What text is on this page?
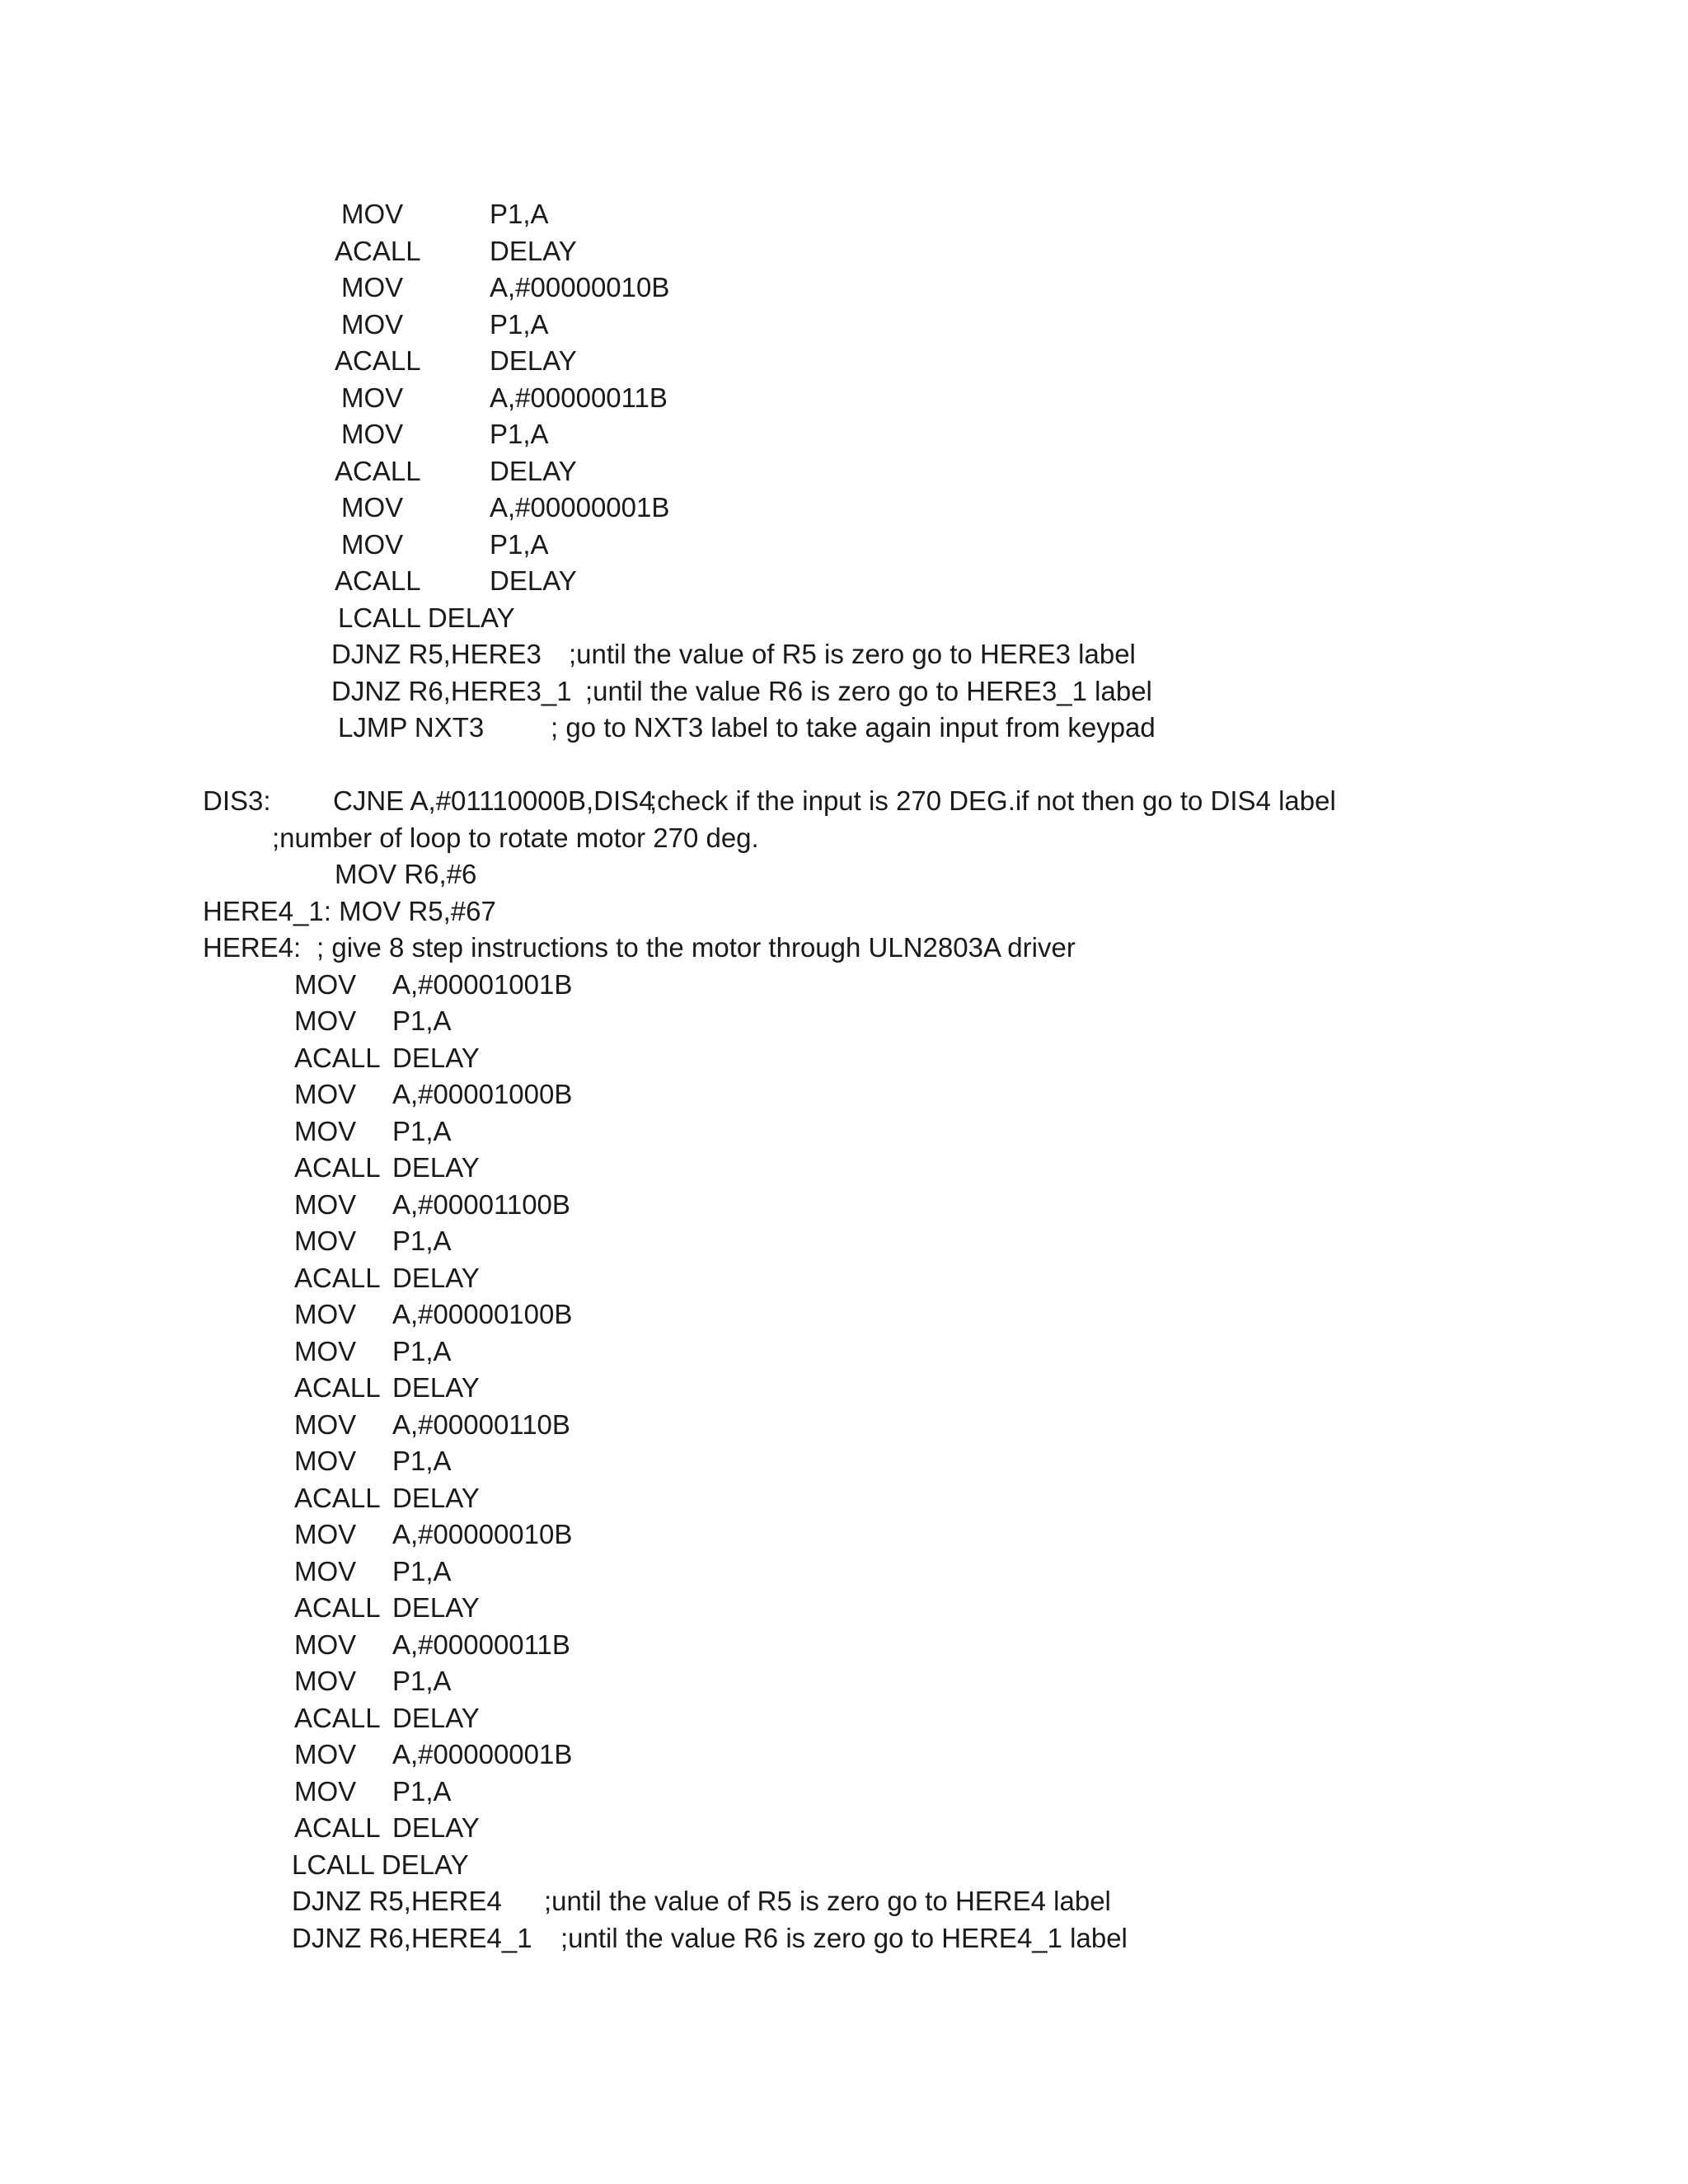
MOV	P1,A
ACALL	DELAY
MOV	A,#00000010B
MOV	P1,A
ACALL	DELAY
MOV	A,#00000011B
MOV	P1,A
ACALL	DELAY
MOV	A,#00000001B
MOV	P1,A
ACALL	DELAY
LCALL DELAY
DJNZ R5,HERE3 ;until the value of R5 is zero go to HERE3 label
DJNZ R6,HERE3_1 ;until the value R6 is zero go to HERE3_1 label
LJMP NXT3 ; go to NXT3 label to take again input from keypad
DIS3: CJNE A,#01110000B,DIS4
;check if the input is 270 DEG.if not then go to DIS4 label
;number of loop to rotate motor 270 deg.
MOV R6,#6
HERE4_1: MOV R5,#67
HERE4: ; give 8 step instructions to the motor through ULN2803A driver
MOV A,#00001001B
MOV P1,A
ACALL DELAY
MOV A,#00001000B
MOV P1,A
ACALL DELAY
MOV A,#00001100B
MOV P1,A
ACALL DELAY
MOV A,#00000100B
MOV P1,A
ACALL DELAY
MOV A,#00000110B
MOV P1,A
ACALL DELAY
MOV A,#00000010B
MOV P1,A
ACALL DELAY
MOV A,#00000011B
MOV P1,A
ACALL DELAY
MOV A,#00000001B
MOV P1,A
ACALL DELAY
LCALL DELAY
DJNZ R5,HERE4 ;until the value of R5 is zero go to HERE4 label
DJNZ R6,HERE4_1 ;until the value R6 is zero go to HERE4_1 label
